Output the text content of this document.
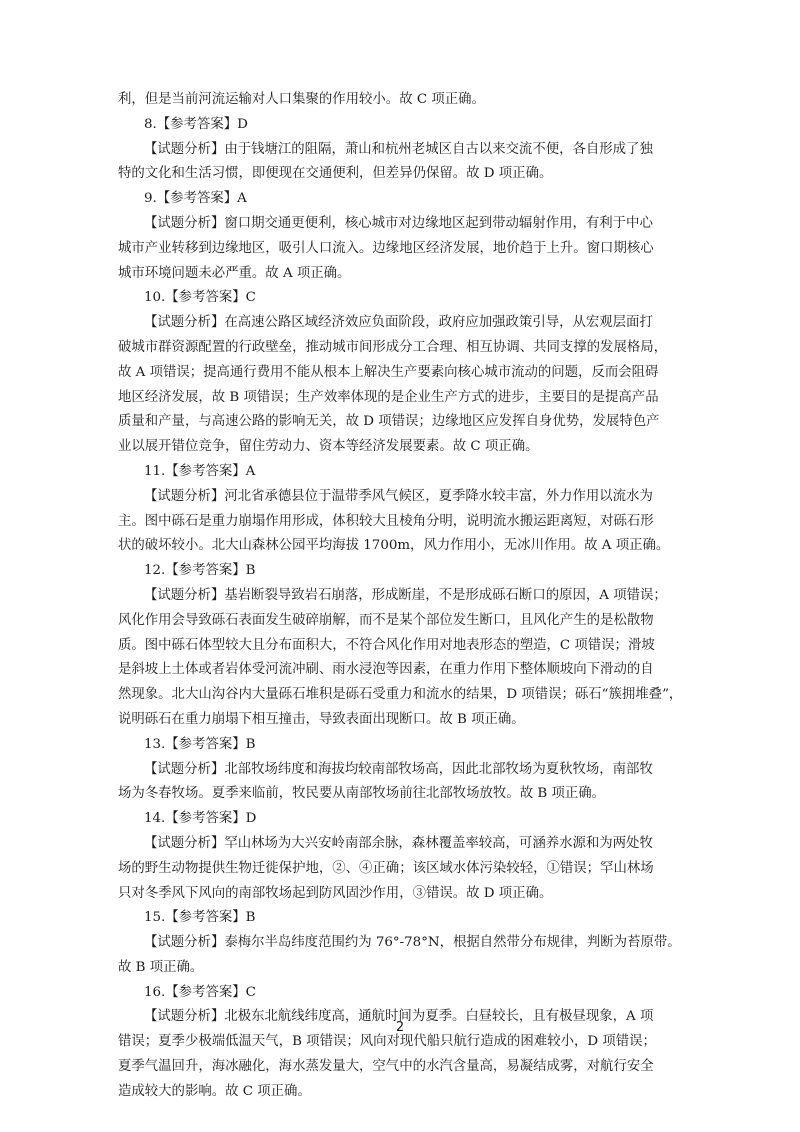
利，但是当前河流运输对人口集聚的作用较小。故 C 项正确。
8.【参考答案】D
【试题分析】由于钱塘江的阻隔，萧山和杭州老城区自古以来交流不便，各自形成了独
特的文化和生活习惯，即便现在交通便利，但差异仍保留。故 D 项正确。
9.【参考答案】A
【试题分析】窗口期交通更便利，核心城市对边缘地区起到带动辐射作用，有利于中心
城市产业转移到边缘地区，吸引人口流入。边缘地区经济发展，地价趋于上升。窗口期核心
城市环境问题未必严重。故 A 项正确。
10.【参考答案】C
【试题分析】在高速公路区域经济效应负面阶段，政府应加强政策引导，从宏观层面打
破城市群资源配置的行政壁垒，推动城市间形成分工合理、相互协调、共同支撑的发展格局，
故 A 项错误；提高通行费用不能从根本上解决生产要素向核心城市流动的问题，反而会阻碍
地区经济发展，故 B 项错误；生产效率体现的是企业生产方式的进步，主要目的是提高产品
质量和产量，与高速公路的影响无关，故 D 项错误；边缘地区应发挥自身优势，发展特色产
业以展开错位竞争，留住劳动力、资本等经济发展要素。故 C 项正确。
11.【参考答案】A
【试题分析】河北省承德县位于温带季风气候区，夏季降水较丰富，外力作用以流水为
主。图中砾石是重力崩塌作用形成，体积较大且棱角分明，说明流水搬运距离短，对砾石形
状的破坏较小。北大山森林公园平均海拔 1700m，风力作用小，无冰川作用。故 A 项正确。
12.【参考答案】B
【试题分析】基岩断裂导致岩石崩落，形成断崖，不是形成砾石断口的原因，A 项错误；
风化作用会导致砾石表面发生破碎崩解，而不是某个部位发生断口，且风化产生的是松散物
质。图中砾石体型较大且分布面积大，不符合风化作用对地表形态的塑造，C 项错误；滑坡
是斜坡上土体或者岩体受河流冲刷、雨水浸泡等因素，在重力作用下整体顺坡向下滑动的自
然现象。北大山沟谷内大量砾石堆积是砾石受重力和流水的结果，D 项错误；砾石“簇拥堆叠”，
说明砾石在重力崩塌下相互撞击，导致表面出现断口。故 B 项正确。
13.【参考答案】B
【试题分析】北部牧场纬度和海拔均较南部牧场高，因此北部牧场为夏秋牧场，南部牧
场为冬春牧场。夏季来临前，牧民要从南部牧场前往北部牧场放牧。故 B 项正确。
14.【参考答案】D
【试题分析】罕山林场为大兴安岭南部余脉，森林覆盖率较高，可涵养水源和为两处牧
场的野生动物提供生物迁徙保护地，②、④正确；该区域水体污染较轻，①错误；罕山林场
只对冬季风下风向的南部牧场起到防风固沙作用，③错误。故 D 项正确。
15.【参考答案】B
【试题分析】泰梅尔半岛纬度范围约为 76°-78°N，根据自然带分布规律，判断为苔原带。
故 B 项正确。
16.【参考答案】C
【试题分析】北极东北航线纬度高，通航时间为夏季。白昼较长，且有极昼现象，A 项
错误；夏季少极端低温天气，B 项错误；风向对现代船只航行造成的困难较小，D 项错误；
夏季气温回升，海冰融化，海水蒸发量大，空气中的水汽含量高，易凝结成雾，对航行安全
造成较大的影响。故 C 项正确。
2
